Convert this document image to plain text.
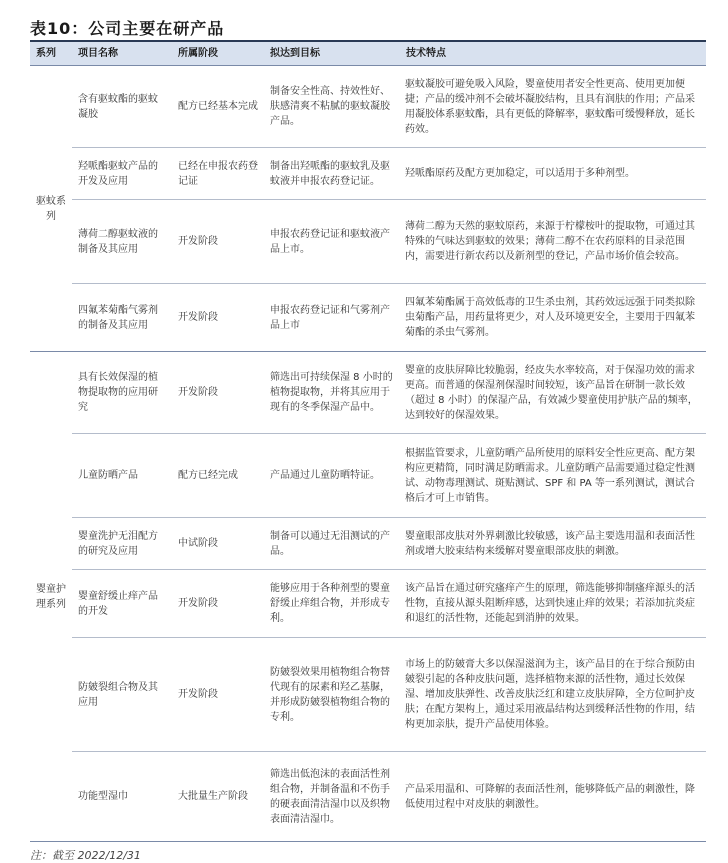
表10：公司主要在研产品
系列	项目名称	所属阶段	拟达到目标	技术特点
驱蚊系列	含有驱蚊酯的驱蚊凝胶	配方已经基本完成	制备安全性高、持效性好、肤感清爽不粘腻的驱蚊凝胶产品。	驱蚊凝胶可避免吸入风险，婴童使用者安全性更高、使用更加便捷；产品的缓冲剂不会破坏凝胶结构，且具有润肤的作用；产品采用凝胶体系驱蚊酯，具有更低的降解率，驱蚊酯可缓慢释放，延长药效。
	羟哌酯驱蚊产品的开发及应用	已经在申报农药登记证	制备出羟哌酯的驱蚊乳及驱蚊液并申报农药登记证。	羟哌酯原药及配方更加稳定，可以适用于多种剂型。
	薄荷二醇驱蚊液的制备及其应用	开发阶段	申报农药登记证和驱蚊液产品上市。	薄荷二醇为天然的驱蚊原药，来源于柠檬桉叶的提取物，可通过其特殊的气味达到驱蚊的效果；薄荷二醇不在农药原料的目录范围内，需要进行新农药以及新剂型的登记，产品市场价值会较高。
	四氟苯菊酯气雾剂的制备及其应用	开发阶段	申报农药登记证和气雾剂产品上市	四氟苯菊酯属于高效低毒的卫生杀虫剂，其药效远远强于同类拟除虫菊酯产品，用药量将更少，对人及环境更安全，主要用于四氟苯菊酯的杀虫气雾剂。
婴童护理系列	具有长效保湿的植物提取物的应用研究	开发阶段	筛选出可持续保湿 8 小时的植物提取物，并将其应用于现有的冬季保湿产品中。	婴童的皮肤屏障比较脆弱，经皮失水率较高，对于保湿功效的需求更高。而普通的保湿剂保湿时间较短，该产品旨在研制一款长效（超过 8 小时）的保湿产品，有效减少婴童使用护肤产品的频率，达到较好的保湿效果。
	儿童防晒产品	配方已经完成	产品通过儿童防晒特证。	根据监管要求，儿童防晒产品所使用的原料安全性应更高、配方架构应更精简，同时满足防晒需求。儿童防晒产品需要通过稳定性测试、动物毒理测试、斑贴测试、SPF 和 PA 等一系列测试，测试合格后才可上市销售。
	婴童洗护无泪配方的研究及应用	中试阶段	制备可以通过无泪测试的产品。	婴童眼部皮肤对外界刺激比较敏感，该产品主要选用温和表面活性剂或增大胶束结构来缓解对婴童眼部皮肤的刺激。
	婴童舒缓止痒产品的开发	开发阶段	能够应用于各种剂型的婴童舒缓止痒组合物，并形成专利。	该产品旨在通过研究瘙痒产生的原理，筛选能够抑制瘙痒源头的活性物，直接从源头阻断痒感，达到快速止痒的效果；若添加抗炎症和退红的活性物，还能起到消肿的效果。
	防皴裂组合物及其应用	开发阶段	防皴裂效果用植物组合物替代现有的尿素和羟乙基脲，并形成防皴裂植物组合物的专利。	市场上的防皴膏大多以保湿滋润为主，该产品目的在于综合预防由皴裂引起的各种皮肤问题，选择植物来源的活性物，通过长效保湿、增加皮肤弹性、改善皮肤泛红和建立皮肤屏障，全方位呵护皮肤；在配方架构上，通过采用液晶结构达到缓释活性物的作用，结构更加亲肤，提升产品使用体验。
	功能型湿巾	大批量生产阶段	筛选出低泡沫的表面活性剂组合物，并制备温和不伤手的硬表面清洁湿巾以及织物表面清洁湿巾。	产品采用温和、可降解的表面活性剂，能够降低产品的刺激性，降低使用过程中对皮肤的刺激性。
注：截至 2022/12/31
